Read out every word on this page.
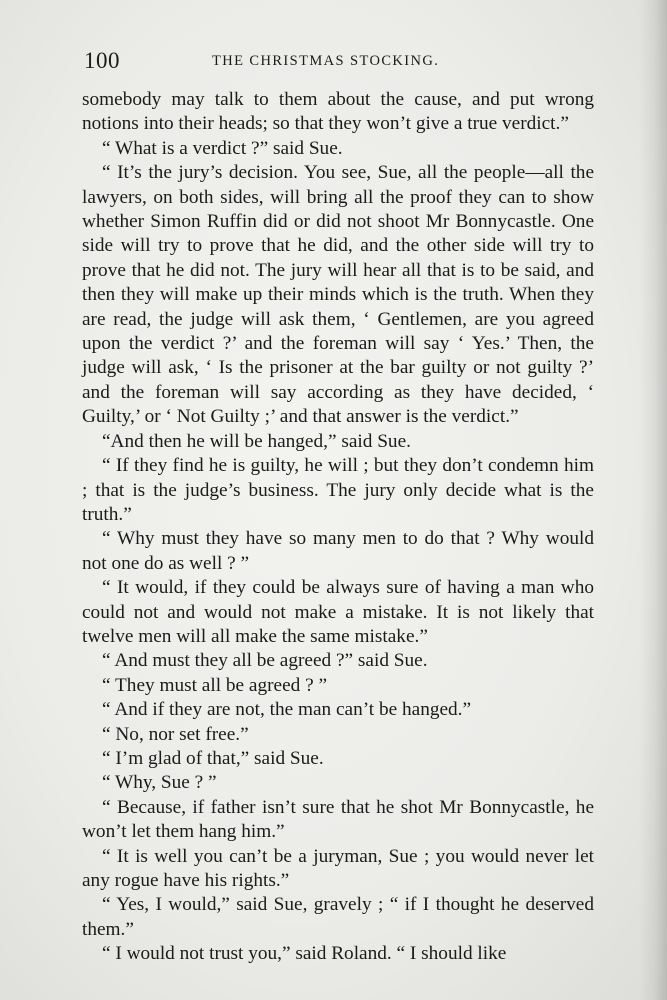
100	THE CHRISTMAS STOCKING.

somebody may talk to them about the cause, and put wrong notions into their heads; so that they won’t give a true verdict.”

“ What is a verdict ?” said Sue.

“ It’s the jury’s decision. You see, Sue, all the people—all the lawyers, on both sides, will bring all the proof they can to show whether Simon Ruffin did or did not shoot Mr Bonnycastle. One side will try to prove that he did, and the other side will try to prove that he did not. The jury will hear all that is to be said, and then they will make up their minds which is the truth. When they are read, the judge will ask them, ‘ Gentlemen, are you agreed upon the verdict ?’ and the foreman will say ‘ Yes.’ Then, the judge will ask, ‘ Is the prisoner at the bar guilty or not guilty ?’ and the foreman will say according as they have decided, ‘ Guilty,’ or ‘ Not Guilty ;’ and that answer is the verdict.”

“And then he will be hanged,” said Sue.

“ If they find he is guilty, he will ; but they don’t condemn him ; that is the judge’s business. The jury only decide what is the truth.”

“ Why must they have so many men to do that ? Why would not one do as well ? ”

“ It would, if they could be always sure of having a man who could not and would not make a mistake. It is not likely that twelve men will all make the same mistake.”

“ And must they all be agreed ?” said Sue.

“ They must all be agreed ? ”

“ And if they are not, the man can’t be hanged.”

“ No, nor set free.”

“ I’m glad of that,” said Sue.

“ Why, Sue ? ”

“ Because, if father isn’t sure that he shot Mr Bonnycastle, he won’t let them hang him.”

“ It is well you can’t be a juryman, Sue ; you would never let any rogue have his rights.”

“ Yes, I would,” said Sue, gravely ; “ if I thought he deserved them.”

“ I would not trust you,” said Roland. “ I should like
